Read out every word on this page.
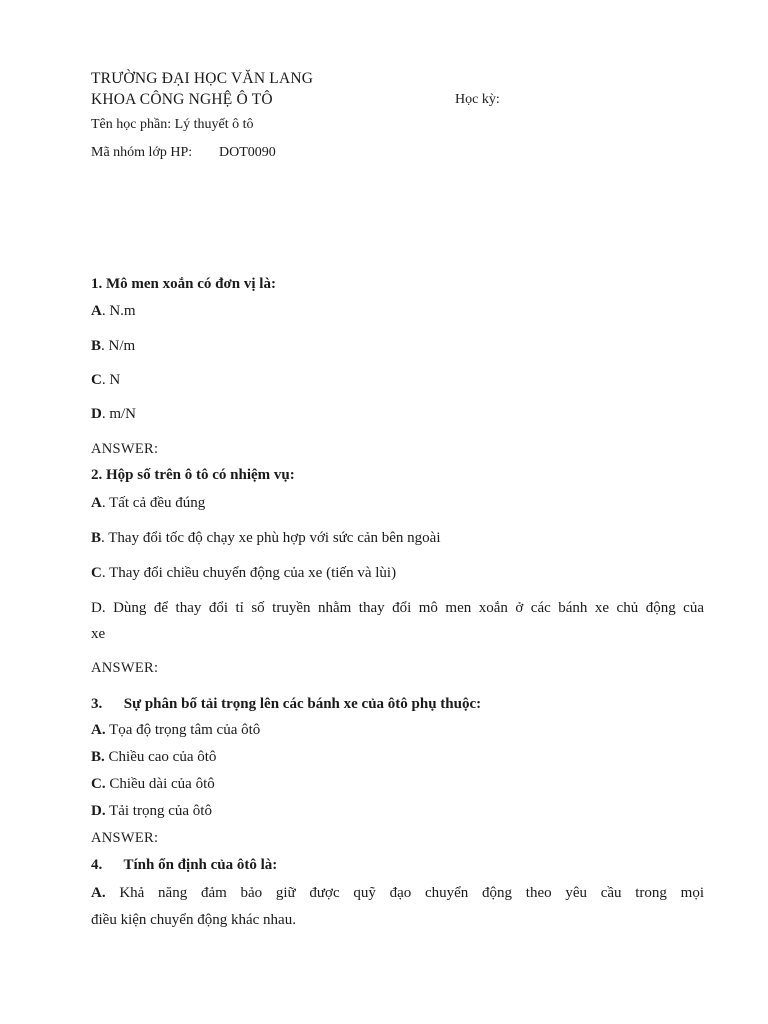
TRƯỜNG ĐẠI HỌC VĂN LANG
KHOA CÔNG NGHỆ Ô TÔ	Học kỳ:
Tên học phần: Lý thuyết ô tô
Mã nhóm lớp HP: DOT0090
1. Mô men xoắn có đơn vị là:
A. N.m
B. N/m
C. N
D. m/N
ANSWER:
2. Hộp số trên ô tô có nhiệm vụ:
A. Tất cả đều đúng
B. Thay đổi tốc độ chạy xe phù hợp với sức cản bên ngoài
C. Thay đổi chiều chuyển động của xe (tiến và lùi)
D. Dùng để thay đổi tỉ số truyền nhằm thay đổi mô men xoắn ở các bánh xe chủ động của
xe
ANSWER:
3. Sự phân bố tải trọng lên các bánh xe của ôtô phụ thuộc:
A. Tọa độ trọng tâm của ôtô
B. Chiều cao của ôtô
C. Chiều dài của ôtô
D. Tải trọng của ôtô
ANSWER:
4. Tính ổn định của ôtô là:
A. Khả năng đảm bảo giữ được quỹ đạo chuyển động theo yêu cầu trong mọi
điều kiện chuyển động khác nhau.
